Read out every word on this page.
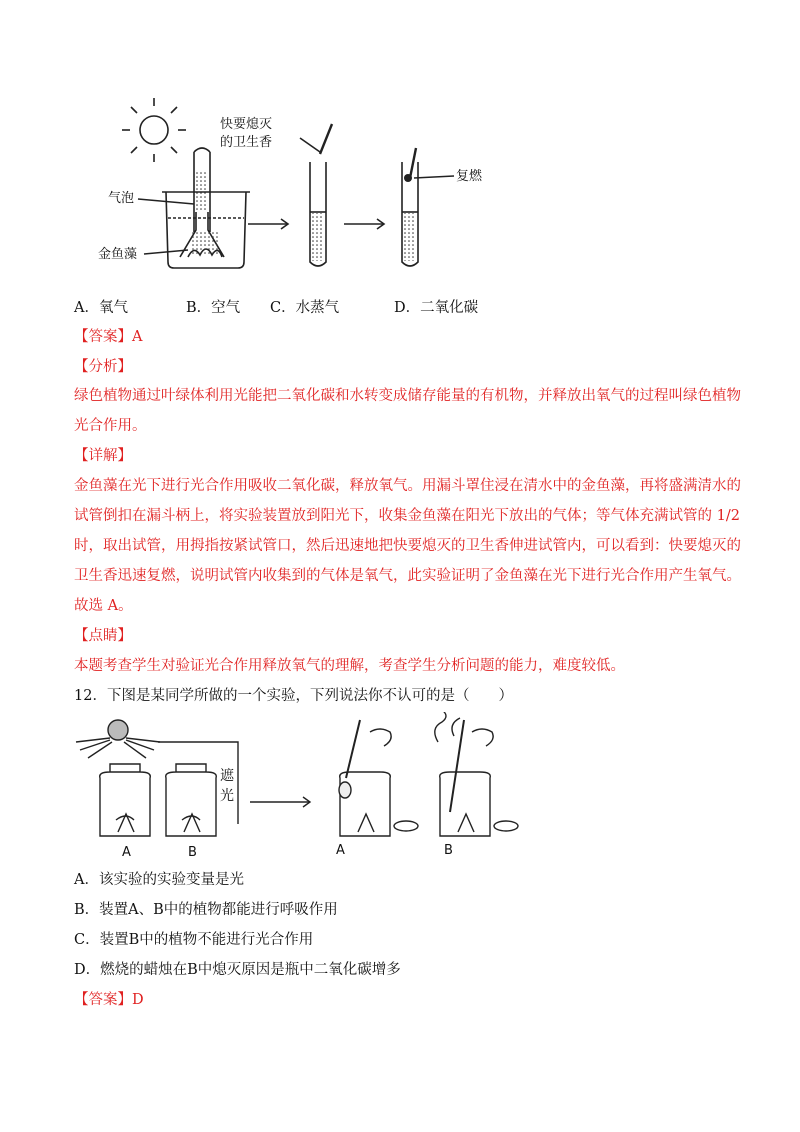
快要熄灭
的卫生香
气泡
金鱼藻
复燃
A．氧气	B．空气 C．水蒸气	D．二氧化碳
【答案】A
【分析】
绿色植物通过叶绿体利用光能把二氧化碳和水转变成储存能量的有机物，并释放出氧气的过程叫绿色植物
光合作用。
【详解】
金鱼藻在光下进行光合作用吸收二氧化碳，释放氧气。用漏斗罩住浸在清水中的金鱼藻，再将盛满清水的
试管倒扣在漏斗柄上，将实验装置放到阳光下，收集金鱼藻在阳光下放出的气体；等气体充满试管的 1/2
时，取出试管，用拇指按紧试管口，然后迅速地把快要熄灭的卫生香伸进试管内，可以看到：快要熄灭的
卫生香迅速复燃，说明试管内收集到的气体是氧气，此实验证明了金鱼藻在光下进行光合作用产生氧气。
故选 A。
【点睛】
本题考查学生对验证光合作用释放氧气的理解，考查学生分析问题的能力，难度较低。
12．下图是某同学所做的一个实验，下列说法你不认可的是（　　）
A	B
遮
光
A	B
A．该实验的实验变量是光
B．装置A、B中的植物都能进行呼吸作用
C．装置B中的植物不能进行光合作用
D．燃烧的蜡烛在B中熄灭原因是瓶中二氧化碳增多
【答案】D
